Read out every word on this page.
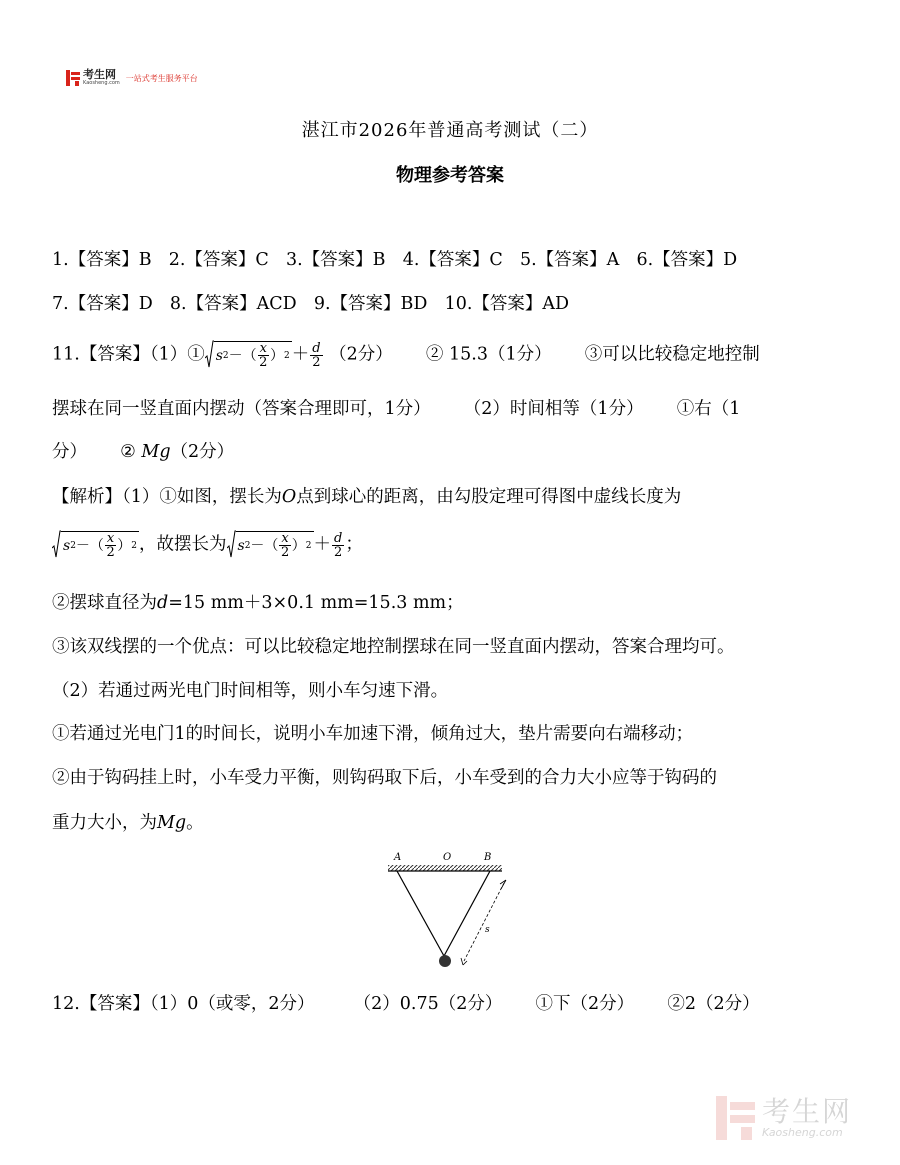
考生网
Kaosheng.com
一站式考生服务平台
湛江市2026年普通高考测试（二）
物理参考答案
1.【答案】B 2.【答案】C 3.【答案】B 4.【答案】C 5.【答案】A 6.【答案】D
7.【答案】D 8.【答案】ACD 9.【答案】BD 10.【答案】AD
11.【答案】（1）① s 2 －（ $\frac{x}{2}$ ） $2 + \frac{d}{2} (2$分） ② 15.3（1分） ③可以比较稳定地控制
摆球在同一竖直面内摆动（答案合理即可，1分） （2）时间相等（1分） ①右（1
分） ② Mg（2分）
【解析】（1）①如图，摆长为O点到球心的距离，由勾股定理可得图中虚线长度为
s 2 －（ $\frac{x}{2}$ ） 2 ，故摆长为 s 2 －（ $\frac{x}{2}$ ） $2 + \frac{d}{2}$ ；
②摆球直径为d=15 mm＋3×0.1 mm=15.3 mm；
③该双线摆的一个优点：可以比较稳定地控制摆球在同一竖直面内摆动，答案合理均可。
（2）若通过两光电门时间相等，则小车匀速下滑。
①若通过光电门1的时间长，说明小车加速下滑，倾角过大，垫片需要向右端移动；
②由于钩码挂上时，小车受力平衡，则钩码取下后，小车受到的合力大小应等于钩码的
重力大小，为Mg。
A	O	B
s
12.【答案】（1）0（或零，2分） （2）0.75（2分） ①下（2分） ②2（2分）
考生网
Kaosheng.com
